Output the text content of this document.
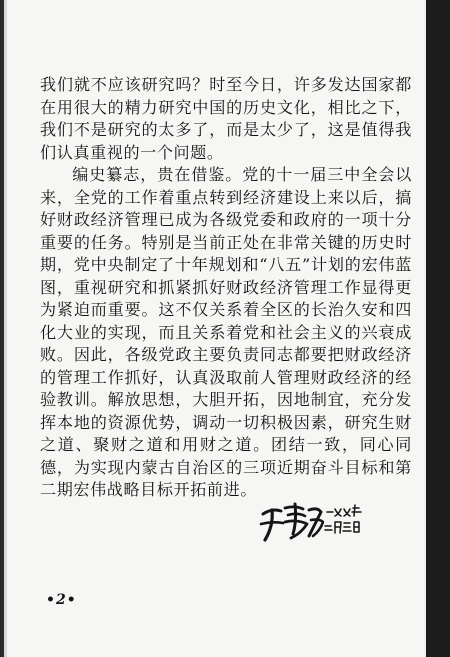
我们就不应该研究吗？时至今日，许多发达国家都在用很大的精力研究中国的历史文化，相比之下，我们不是研究的太多了，而是太少了，这是值得我们认真重视的一个问题。

编史纂志，贵在借鉴。党的十一届三中全会以来，全党的工作着重点转到经济建设上来以后，搞好财政经济管理已成为各级党委和政府的一项十分重要的任务。特别是当前正处在非常关键的历史时期，党中央制定了十年规划和“八五”计划的宏伟蓝图，重视研究和抓紧抓好财政经济管理工作显得更为紧迫而重要。这不仅关系着全区的长治久安和四化大业的实现，而且关系着党和社会主义的兴衰成败。因此，各级党政主要负责同志都要把财政经济的管理工作抓好，认真汲取前人管理财政经济的经验教训。解放思想，大胆开拓，因地制宜，充分发挥本地的资源优势，调动一切积极因素，研究生财之道、聚财之道和用财之道。团结一致，同心同德，为实现内蒙古自治区的三项近期奋斗目标和第二期宏伟战略目标开拓前进。

•2•
